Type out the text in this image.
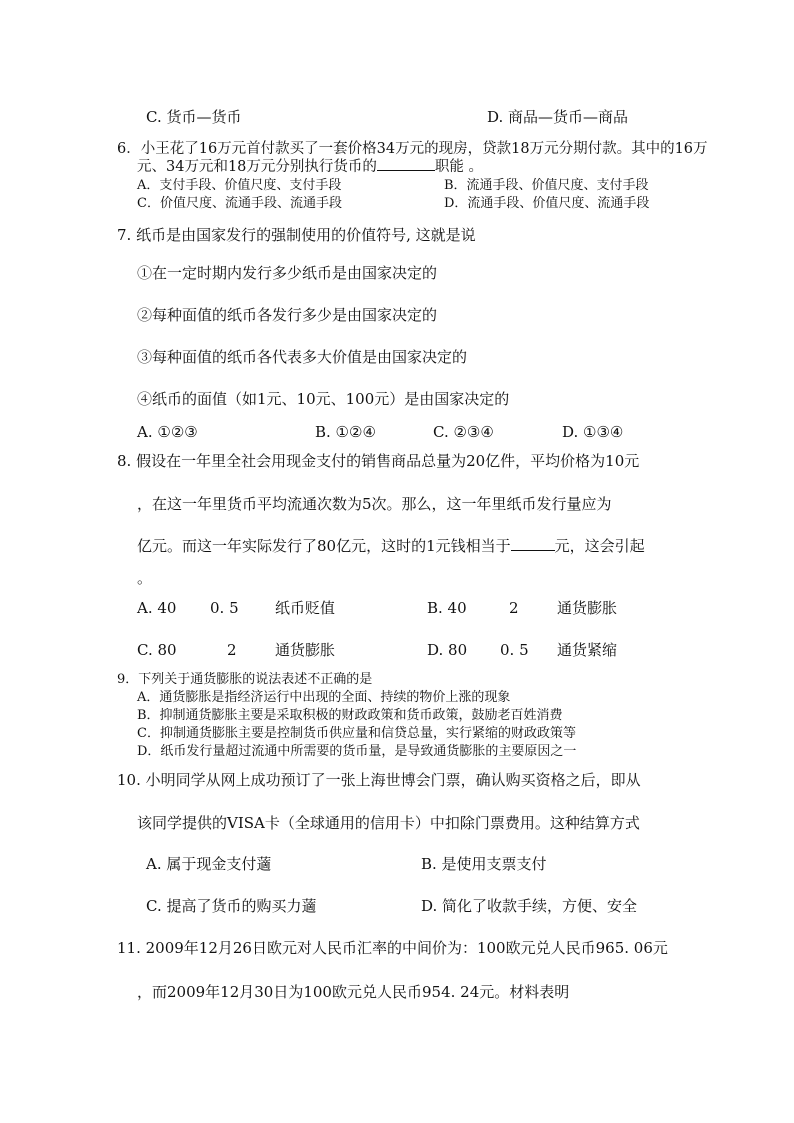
C. 货币—货币	D. 商品—货币—商品
6．小王花了16万元首付款买了一套价格34万元的现房，贷款18万元分期付款。其中的16万
元、34万元和18万元分别执行货币的	职能 。
A．支付手段、价值尺度、支付手段	B．流通手段、价值尺度、支付手段
C．价值尺度、流通手段、流通手段	D．流通手段、价值尺度、流通手段
7. 纸币是由国家发行的强制使用的价值符号, 这就是说
①在一定时期内发行多少纸币是由国家决定的
②每种面值的纸币各发行多少是由国家决定的
③每种面值的纸币各代表多大价值是由国家决定的
④纸币的面值（如1元、10元、100元）是由国家决定的
A. ①②③	B. ①②④	C. ②③④	D. ①③④
8. 假设在一年里全社会用现金支付的销售商品总量为20亿件，平均价格为10元
，在这一年里货币平均流通次数为5次。那么，这一年里纸币发行量应为
亿元。而这一年实际发行了80亿元，这时的1元钱相当于	元，这会引起
。
A. 40 0. 5 纸币贬值	B. 40	2	通货膨胀
C. 80	2	通货膨胀	D. 80 0. 5 通货紧缩
9．下列关于通货膨胀的说法表述不正确的是
A．通货膨胀是指经济运行中出现的全面、持续的物价上涨的现象
B．抑制通货膨胀主要是采取积极的财政政策和货币政策，鼓励老百姓消费
C．抑制通货膨胀主要是控制货币供应量和信贷总量，实行紧缩的财政政策等
D．纸币发行量超过流通中所需要的货币量，是导致通货膨胀的主要原因之一
10. 小明同学从网上成功预订了一张上海世博会门票，确认购买资格之后，即从
该同学提供的VISA卡（全球通用的信用卡）中扣除门票费用。这种结算方式
A. 属于现金支付藡	B. 是使用支票支付
C. 提高了货币的购买力藡	D. 简化了收款手续，方便、安全
11. 2009年12月26日欧元对人民币汇率的中间价为：100欧元兑人民币965. 06元
，而2009年12月30日为100欧元兑人民币954. 24元。材料表明
